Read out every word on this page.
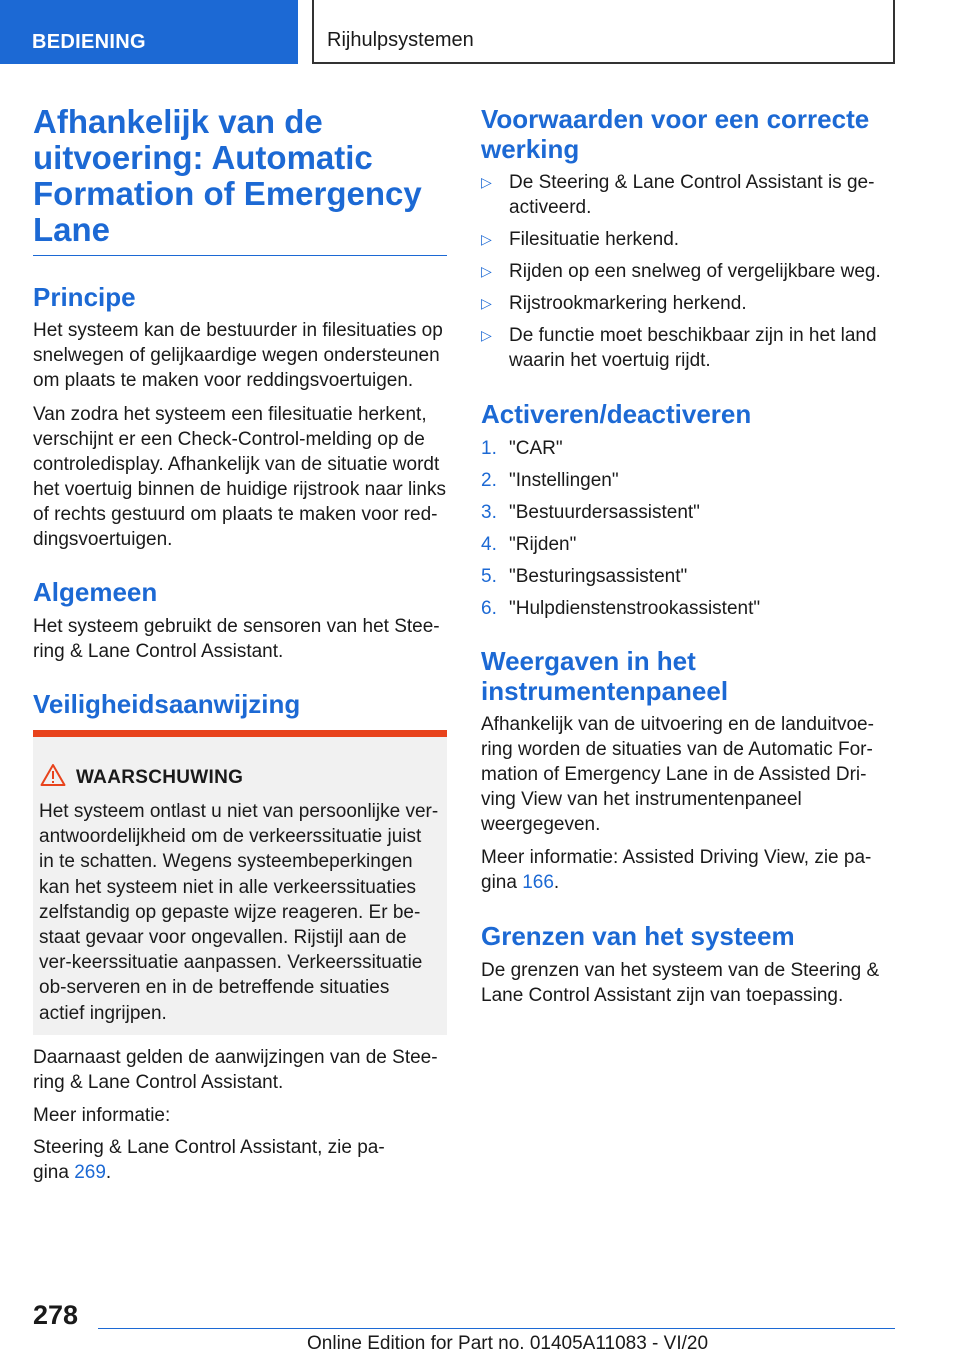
BEDIENING	Rijhulpsystemen
Afhankelijk van de uitvoering: Automatic Formation of Emergency Lane
Principe

Het systeem kan de bestuurder in filesituaties op snelwegen of gelijkaardige wegen ondersteunen om plaats te maken voor reddingsvoertuigen.

Van zodra het systeem een filesituatie herkent, verschijnt er een Check-Control-melding op de controledisplay. Afhankelijk van de situatie wordt het voertuig binnen de huidige rijstrook naar links of rechts gestuurd om plaats te maken voor red‐dingsvoertuigen.

Algemeen

Het systeem gebruikt de sensoren van het Stee‐ring & Lane Control Assistant.

Veiligheidsaanwijzing
WAARSCHUWING

Het systeem ontlast u niet van persoonlijke ver‐antwoordelijkheid om de verkeerssituatie juist in te schatten. Wegens systeembeperkingen kan het systeem niet in alle verkeerssituaties zelfstandig op gepaste wijze reageren. Er be‐staat gevaar voor ongevallen. Rijstijl aan de ver‐keerssituatie aanpassen. Verkeerssituatie ob‐serveren en in de betreffende situaties actief ingrijpen.

Daarnaast gelden de aanwijzingen van de Stee‐ring & Lane Control Assistant.

Meer informatie:

Steering & Lane Control Assistant, zie pa‐gina 269.

Voorwaarden voor een correcte werking
▷ De Steering & Lane Control Assistant is ge‐activeerd.
▷ Filesituatie herkend.
▷ Rijden op een snelweg of vergelijkbare weg.
▷ Rijstrookmarkering herkend.
▷ De functie moet beschikbaar zijn in het land waarin het voertuig rijdt.
Activeren/deactiveren
1. "CAR"
2. "Instellingen"
3. "Bestuurdersassistent"
4. "Rijden"
5. "Besturingsassistent"
6. "Hulpdienstenstrookassistent"
Weergaven in het instrumentenpaneel

Afhankelijk van de uitvoering en de landuitvoe‐ring worden de situaties van de Automatic For‐mation of Emergency Lane in de Assisted Dri‐ving View van het instrumentenpaneel weergegeven.

Meer informatie: Assisted Driving View, zie pa‐gina 166.

Grenzen van het systeem

De grenzen van het systeem van de Steering & Lane Control Assistant zijn van toepassing.

278
Online Edition for Part no. 01405A11083 - VI/20
